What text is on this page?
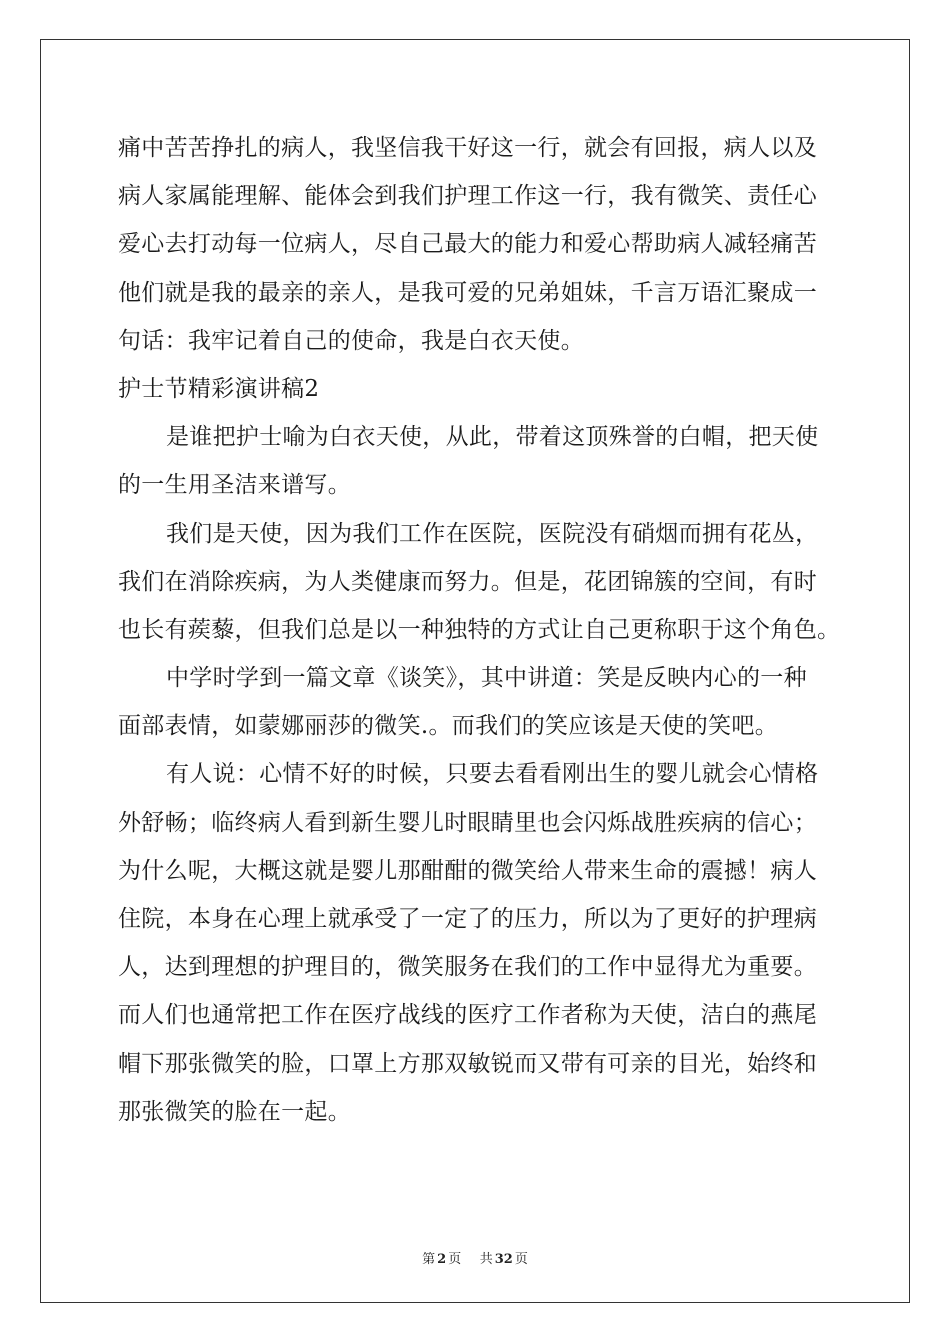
痛中苦苦挣扎的病人，我坚信我干好这一行，就会有回报，病人以及
病人家属能理解、能体会到我们护理工作这一行，我有微笑、责任心
爱心去打动每一位病人，尽自己最大的能力和爱心帮助病人减轻痛苦
他们就是我的最亲的亲人，是我可爱的兄弟姐妹，千言万语汇聚成一
句话：我牢记着自己的使命，我是白衣天使。
护士节精彩演讲稿2
是谁把护士喻为白衣天使，从此，带着这顶殊誉的白帽，把天使
的一生用圣洁来谱写。
我们是天使，因为我们工作在医院，医院没有硝烟而拥有花丛，
我们在消除疾病，为人类健康而努力。但是，花团锦簇的空间，有时
也长有蒺藜，但我们总是以一种独特的方式让自己更称职于这个角色。
中学时学到一篇文章《谈笑》，其中讲道：笑是反映内心的一种
面部表情，如蒙娜丽莎的微笑.。而我们的笑应该是天使的笑吧。
有人说：心情不好的时候，只要去看看刚出生的婴儿就会心情格
外舒畅；临终病人看到新生婴儿时眼睛里也会闪烁战胜疾病的信心；
为什么呢，大概这就是婴儿那酣酣的微笑给人带来生命的震撼！病人
住院，本身在心理上就承受了一定了的压力，所以为了更好的护理病
人，达到理想的护理目的，微笑服务在我们的工作中显得尤为重要。
而人们也通常把工作在医疗战线的医疗工作者称为天使，洁白的燕尾
帽下那张微笑的脸，口罩上方那双敏锐而又带有可亲的目光，始终和
那张微笑的脸在一起。
第 2 页 共 32 页
